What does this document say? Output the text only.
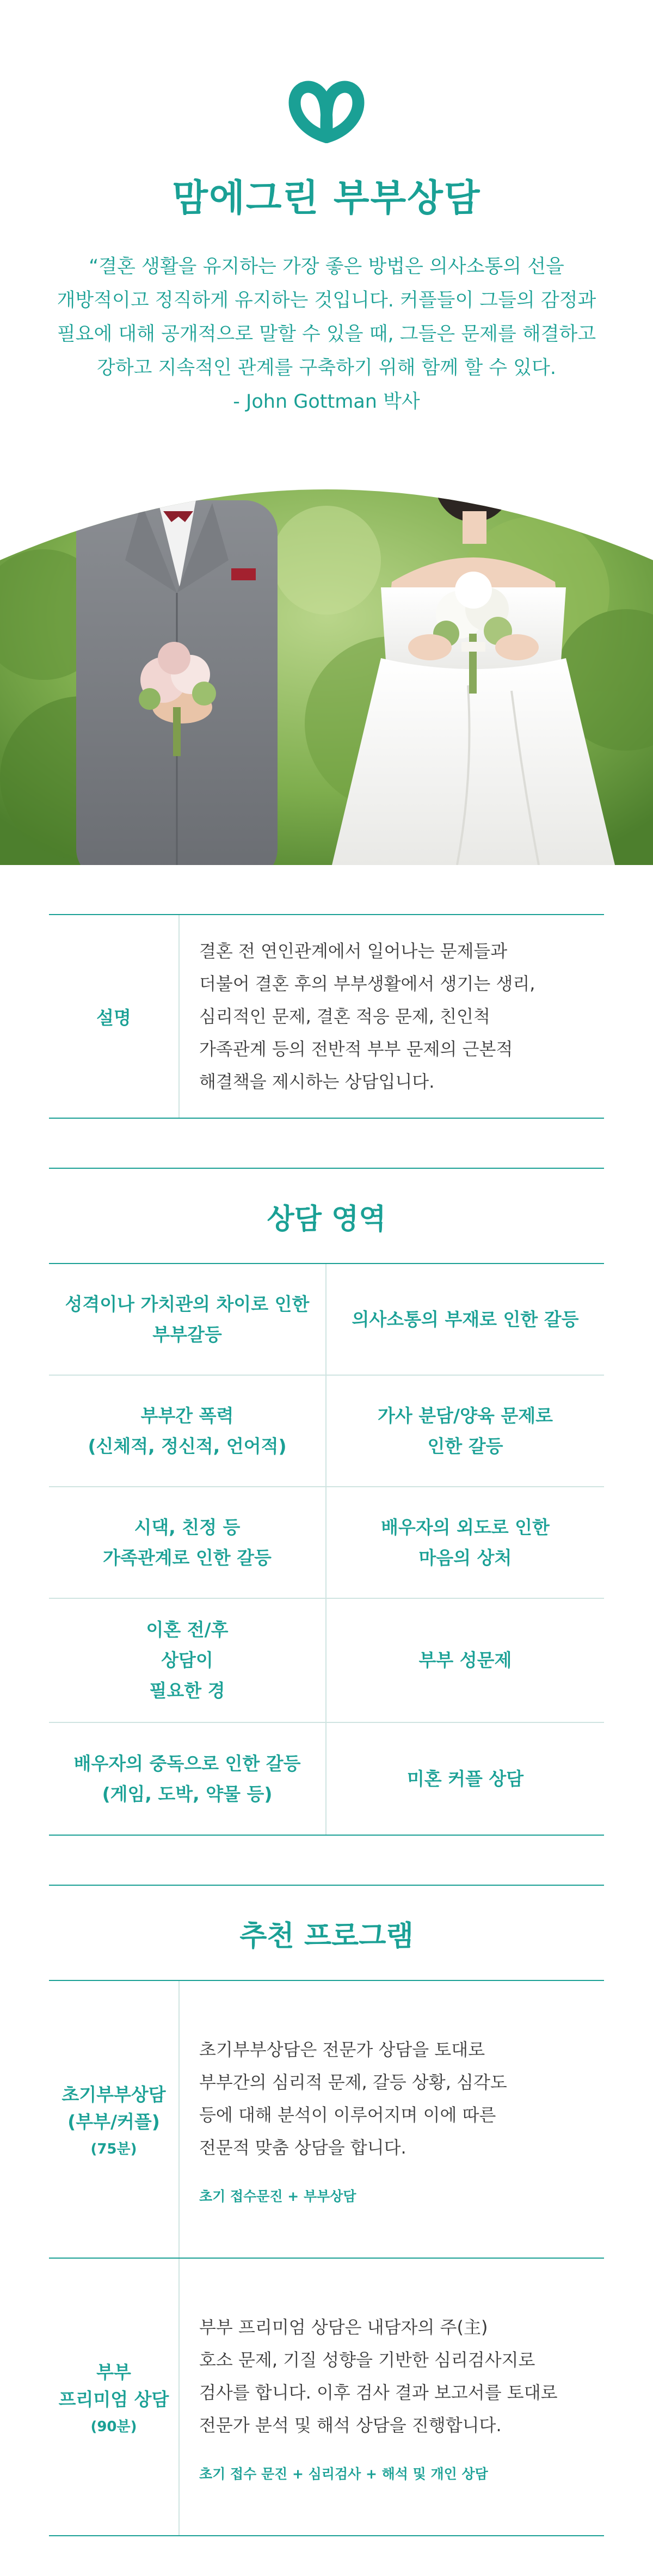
맘에그린 부부상담

“결혼 생활을 유지하는 가장 좋은 방법은 의사소통의 선을

개방적이고 정직하게 유지하는 것입니다. 커플들이 그들의 감정과

필요에 대해 공개적으로 말할 수 있을 때, 그들은 문제를 해결하고

강하고 지속적인 관계를 구축하기 위해 함께 할 수 있다.

- John Gottman 박사

설명
결혼 전 연인관계에서 일어나는 문제들과
더불어 결혼 후의 부부생활에서 생기는 생리,
심리적인 문제, 결혼 적응 문제, 친인척
가족관계 등의 전반적 부부 문제의 근본적
해결책을 제시하는 상담입니다.
상담 영역
성격이나 가치관의 차이로 인한
부부갈등
의사소통의 부재로 인한 갈등
부부간 폭력
(신체적, 정신적, 언어적)
가사 분담/양육 문제로
인한 갈등
시댁, 친정 등
가족관계로 인한 갈등
배우자의 외도로 인한
마음의 상처
이혼 전/후
상담이
필요한 경
부부 성문제
배우자의 중독으로 인한 갈등
(게임, 도박, 약물 등)
미혼 커플 상담
추천 프로그램
초기부부상담
(부부/커플)
(75분)
초기부부상담은 전문가 상담을 토대로
부부간의 심리적 문제, 갈등 상황, 심각도
등에 대해 분석이 이루어지며 이에 따른
전문적 맞춤 상담을 합니다.
초기 접수문진 + 부부상담
부부
프리미엄 상담
(90분)
부부 프리미엄 상담은 내담자의 주(主)
호소 문제, 기질 성향을 기반한 심리검사지로
검사를 합니다. 이후 검사 결과 보고서를 토대로
전문가 분석 및 해석 상담을 진행합니다.
초기 접수 문진 + 심리검사 + 해석 및 개인 상담
